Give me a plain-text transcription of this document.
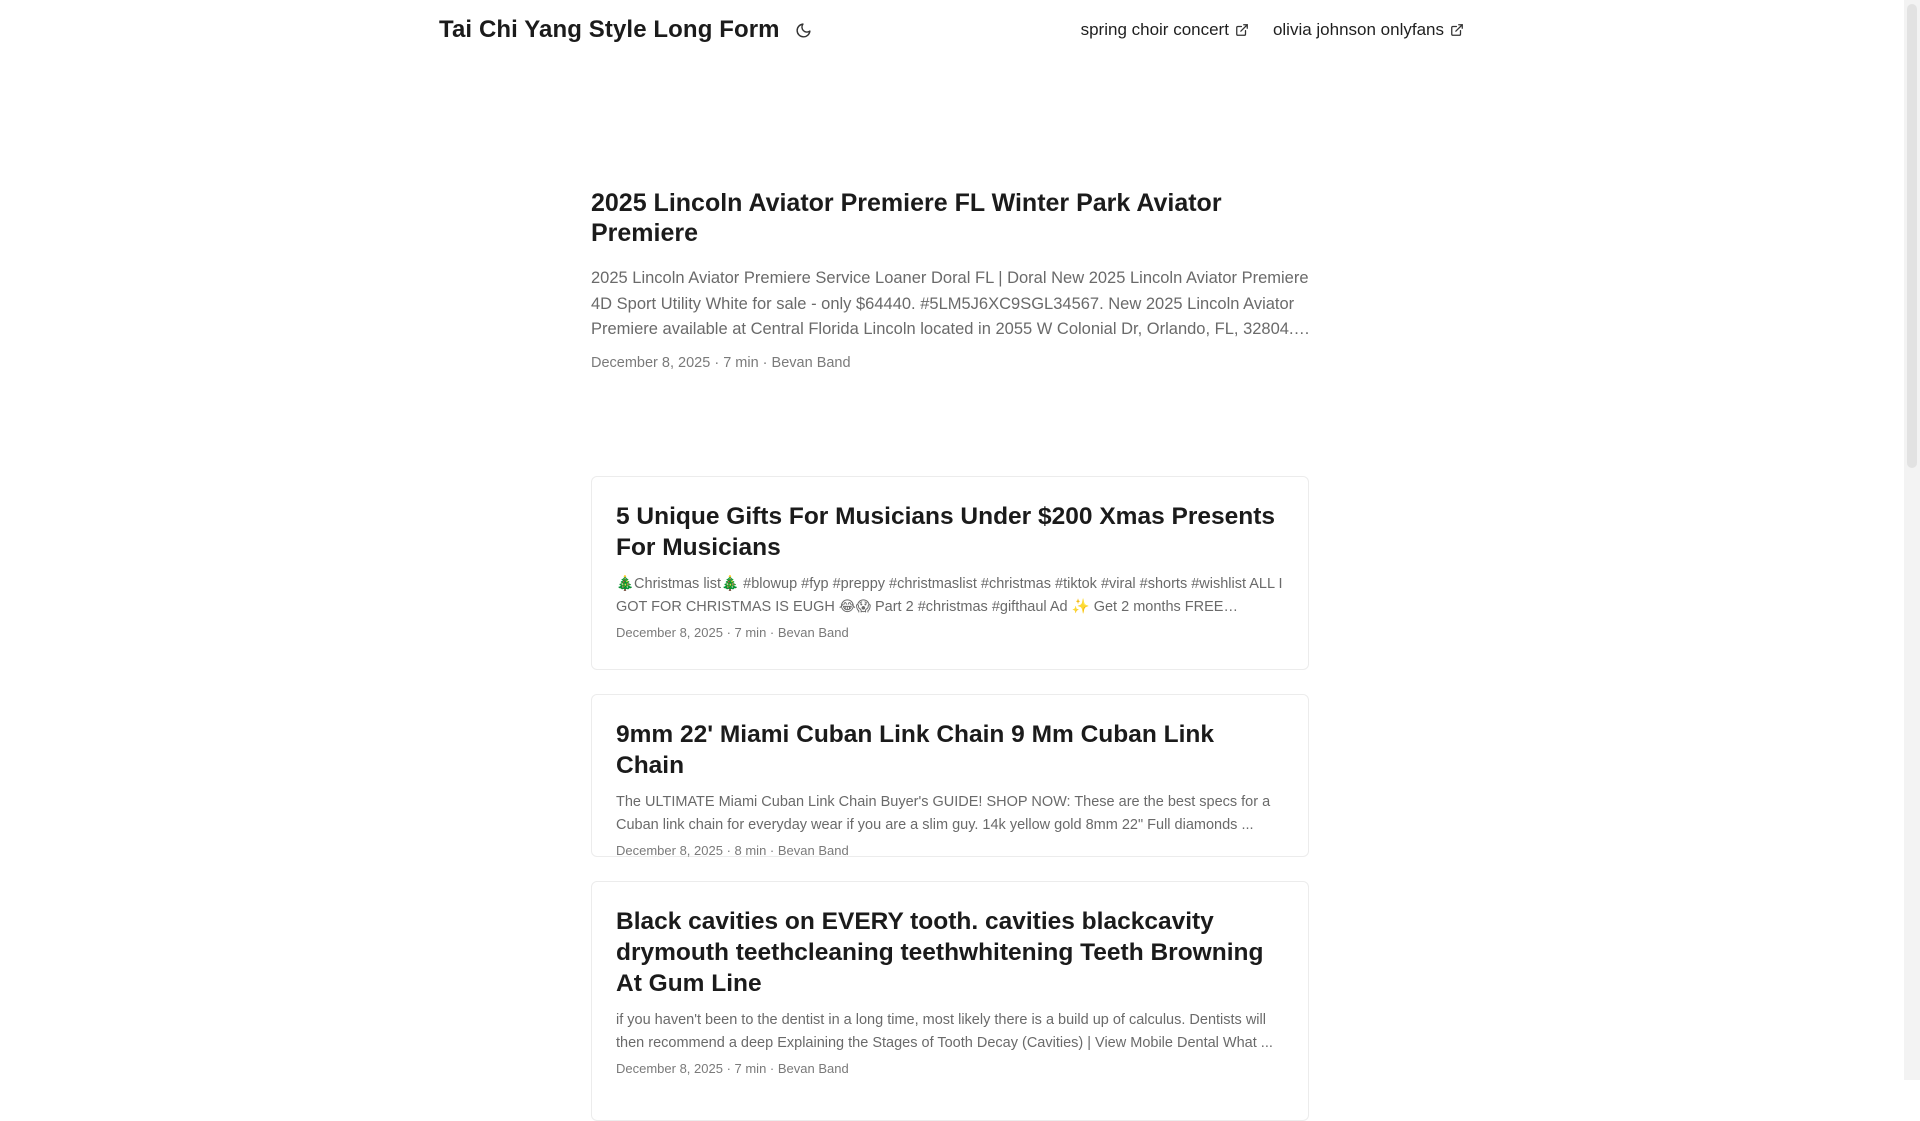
Tai Chi Yang Style Long Form	spring choir concert	olivia johnson onlyfans
2025 Lincoln Aviator Premiere FL Winter Park Aviator Premiere

2025 Lincoln Aviator Premiere Service Loaner Doral FL | Doral New 2025 Lincoln Aviator Premiere 4D Sport Utility White for sale - only $64440. #5LM5J6XC9SGL34567. New 2025 Lincoln Aviator Premiere available at Central Florida Lincoln located in 2055 W Colonial Dr, Orlando, FL, 32804.

December 8, 2025 · 7 min · Bevan Band
5 Unique Gifts For Musicians Under $200 Xmas Presents For Musicians

🎄Christmas list🎄 #blowup #fyp #preppy #christmaslist #christmas #tiktok #viral #shorts #wishlist ALL I GOT FOR CHRISTMAS IS EUGH 😂😱 Part 2 #christmas #gifthaul Ad ✨ Get 2 months FREE

December 8, 2025 · 7 min · Bevan Band
9mm 22' Miami Cuban Link Chain 9 Mm Cuban Link Chain

The ULTIMATE Miami Cuban Link Chain Buyer's GUIDE! SHOP NOW: These are the best specs for a Cuban link chain for everyday wear if you are a slim guy. 14k yellow gold 8mm 22" Full diamonds ...

December 8, 2025 · 8 min · Bevan Band
Black cavities on EVERY tooth. cavities blackcavity drymouth teethcleaning teethwhitening Teeth Browning At Gum Line

if you haven't been to the dentist in a long time, most likely there is a build up of calculus. Dentists will then recommend a deep Explaining the Stages of Tooth Decay (Cavities) | View Mobile Dental What ...

December 8, 2025 · 7 min · Bevan Band
